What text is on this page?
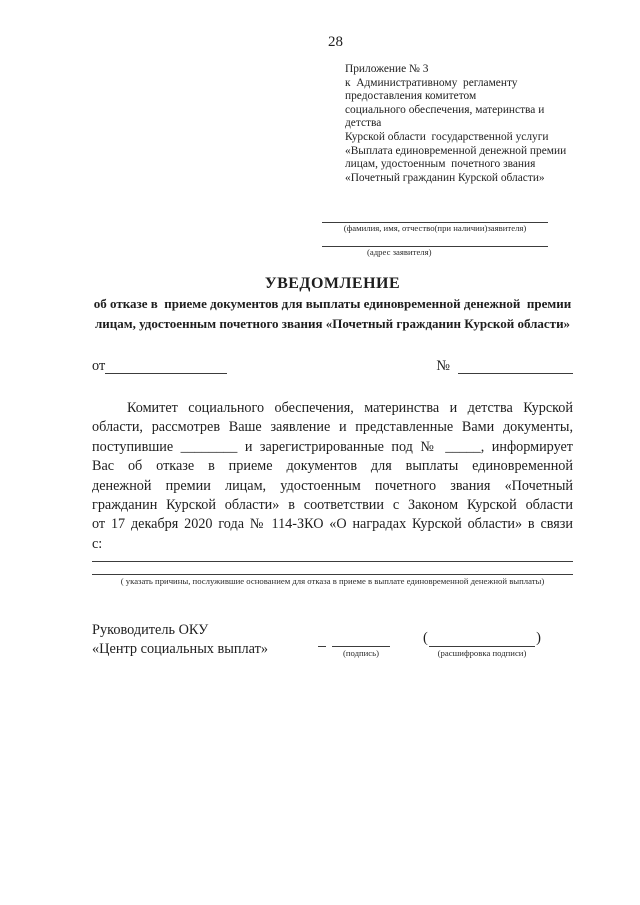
28
Приложение № 3
к  Административному  регламенту
предоставления комитетом
социального обеспечения, материнства и детства
Курской области  государственной услуги
«Выплата единовременной денежной премии
лицам, удостоенным  почетного звания
«Почетный гражданин Курской области»
(фамилия, имя, отчество(при наличии)заявителя)
(адрес заявителя)
УВЕДОМЛЕНИЕ
об отказе в  приеме документов для выплаты единовременной денежной  премии
лицам, удостоенным почетного звания «Почетный гражданин Курской области»
от	№
Комитет социального обеспечения, материнства и детства Курской
области, рассмотрев Ваше заявление и представленные Вами документы,
поступившие ________ и зарегистрированные под № _____, информирует
Вас об отказе в приеме документов для выплаты единовременной
денежной премии лицам, удостоенным почетного звания «Почетный
гражданин Курской области» в соответствии с Законом Курской области
от 17 декабря 2020 года № 114-ЗКО «О наградах Курской области» в связи
с:
( указать причины, послужившие основанием для отказа в приеме в выплате единовременной денежной выплаты)
Руководитель ОКУ
«Центр социальных выплат»	(подпись)
(	)
(расшифровка подписи)
